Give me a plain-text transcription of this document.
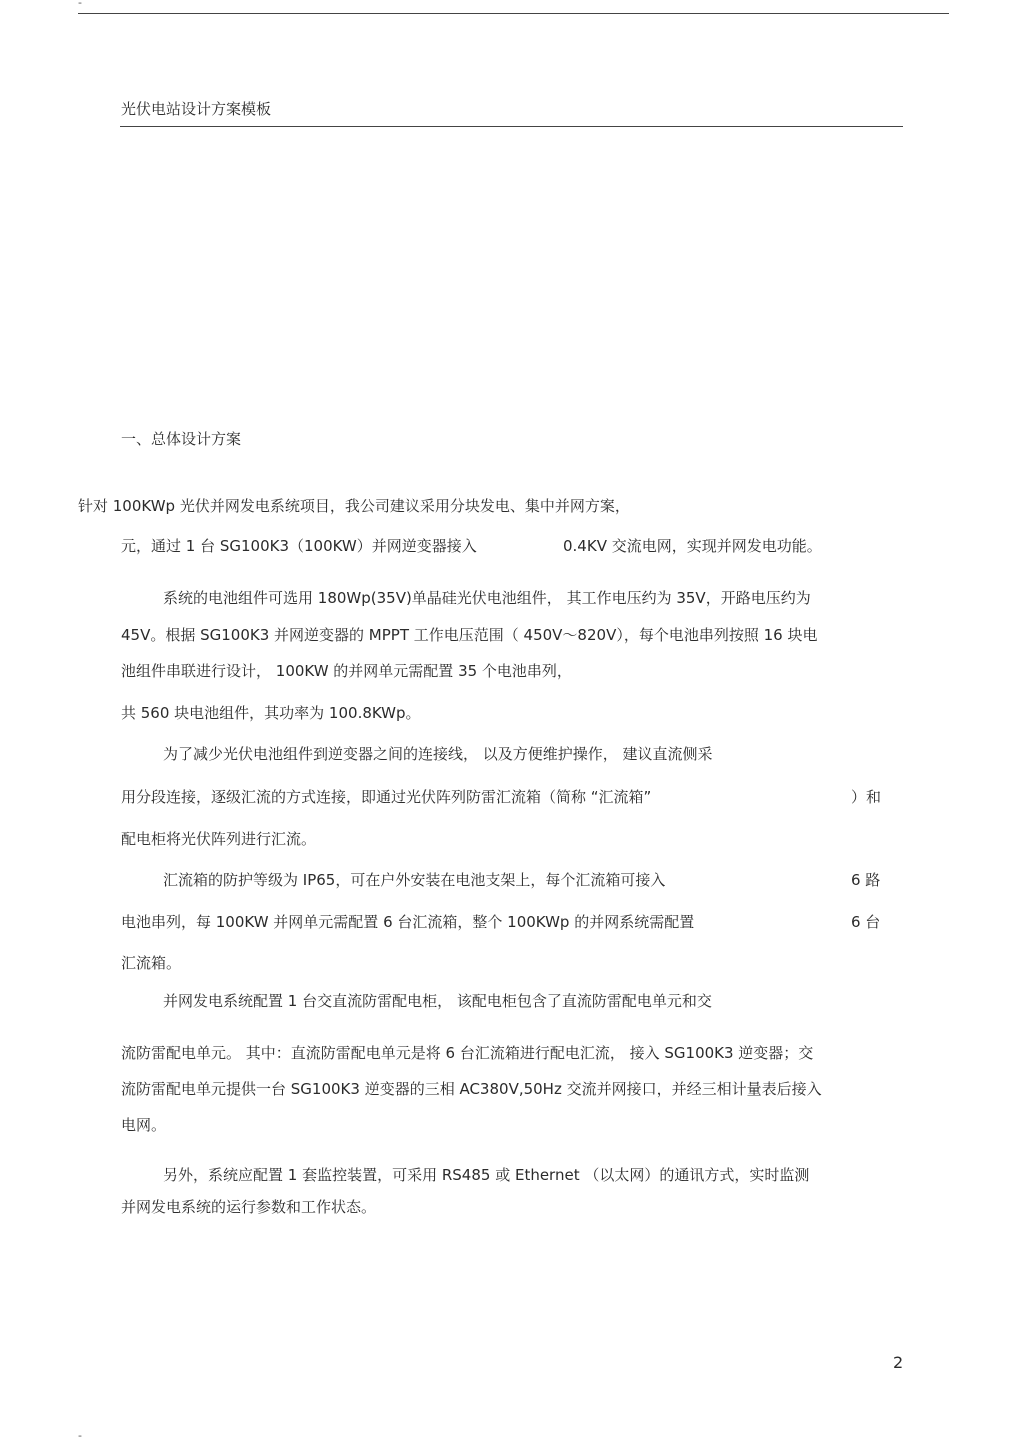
-
光伏电站设计方案模板
一、总体设计方案
针对 100KWp 光伏并网发电系统项目，我公司建议采用分块发电、集中并网方案，
元，通过 1 台 SG100K3（100KW）并网逆变器接入	0.4KV 交流电网，实现并网发电功能。
系统的电池组件可选用 180Wp(35V)单晶硅光伏电池组件， 其工作电压约为 35V，开路电压约为
45V。根据 SG100K3 并网逆变器的 MPPT 工作电压范围（ 450V～820V），每个电池串列按照 16 块电
池组件串联进行设计， 100KW 的并网单元需配置 35 个电池串列，
共 560 块电池组件，其功率为 100.8KWp。
为了减少光伏电池组件到逆变器之间的连接线， 以及方便维护操作， 建议直流侧采
用分段连接，逐级汇流的方式连接，即通过光伏阵列防雷汇流箱（简称 “汇流箱”	）和
配电柜将光伏阵列进行汇流。
汇流箱的防护等级为 IP65，可在户外安装在电池支架上，每个汇流箱可接入	6 路
电池串列，每 100KW 并网单元需配置 6 台汇流箱，整个 100KWp 的并网系统需配置	6 台
汇流箱。
并网发电系统配置 1 台交直流防雷配电柜， 该配电柜包含了直流防雷配电单元和交
流防雷配电单元。 其中：直流防雷配电单元是将 6 台汇流箱进行配电汇流， 接入 SG100K3 逆变器；交
流防雷配电单元提供一台 SG100K3 逆变器的三相 AC380V,50Hz 交流并网接口，并经三相计量表后接入
电网。
另外，系统应配置 1 套监控装置，可采用 RS485 或 Ethernet （以太网）的通讯方式，实时监测
并网发电系统的运行参数和工作状态。
2
-
